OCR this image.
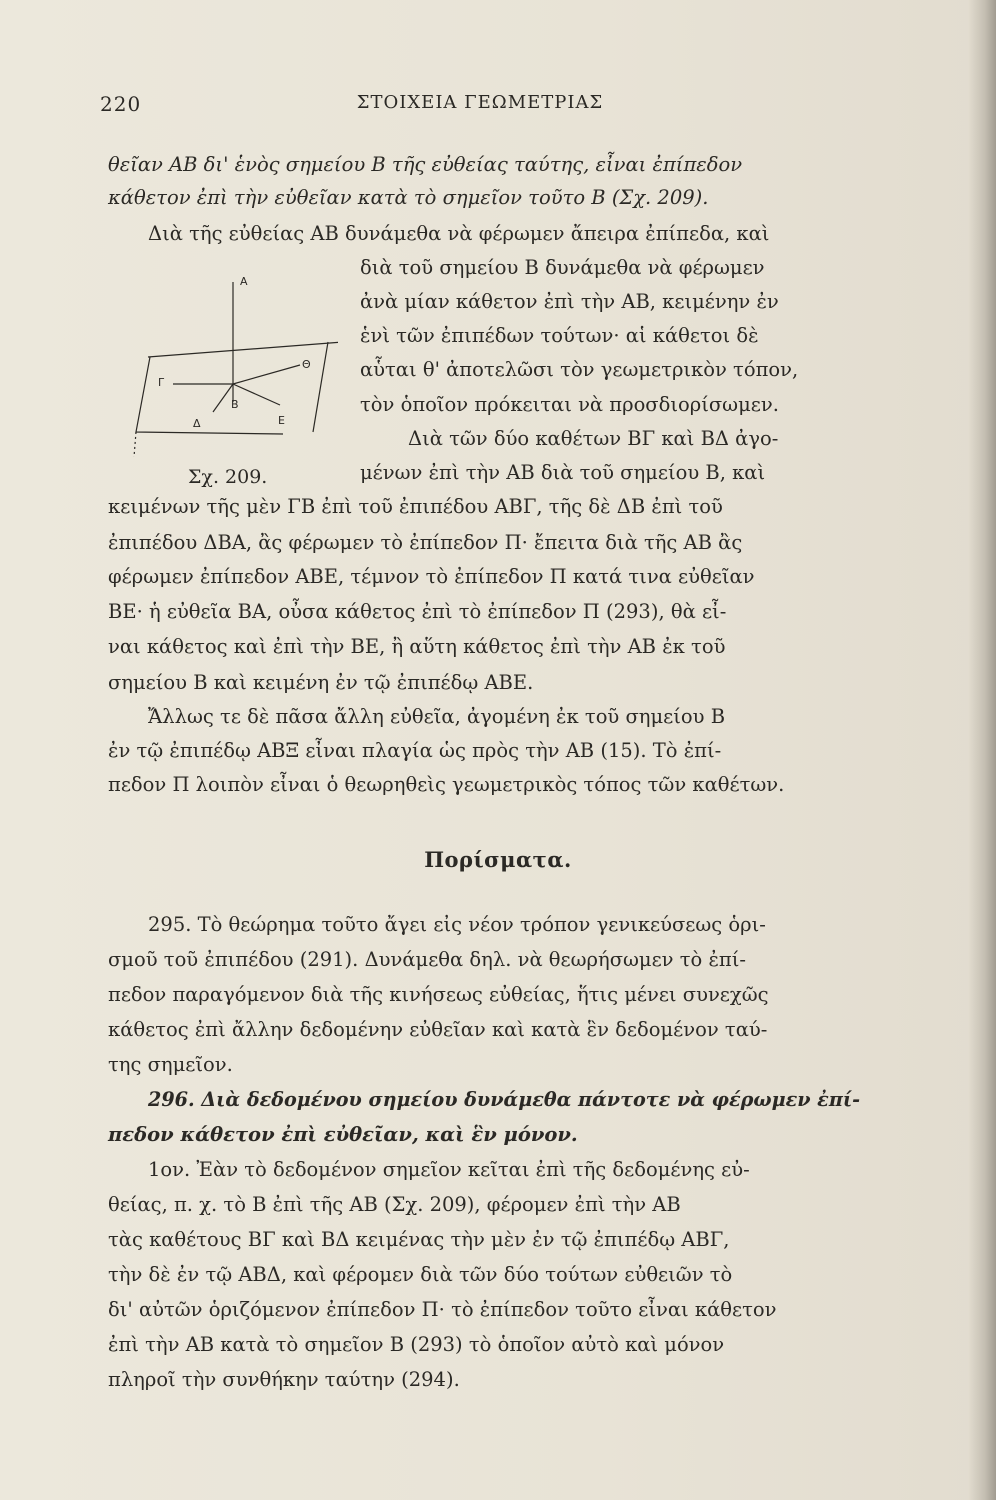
220	ΣΤΟΙΧΕΙΑ ΓΕΩΜΕΤΡΙΑΣ
θεῖαν ΑΒ δι' ἑνὸς σημείου Β τῆς εὐθείας ταύτης, εἶναι ἐπίπεδον
κάθετον ἐπὶ τὴν εὐθεῖαν κατὰ τὸ σημεῖον τοῦτο Β (Σχ. 209).
Διὰ τῆς εὐθείας ΑΒ δυνάμεθα νὰ φέρωμεν ἄπειρα ἐπίπεδα, καὶ
διὰ τοῦ σημείου Β δυνάμεθα νὰ φέρωμεν
ἀνὰ μίαν κάθετον ἐπὶ τὴν ΑΒ, κειμένην ἐν
ἑνὶ τῶν ἐπιπέδων τούτων· αἱ κάθετοι δὲ
αὗται θ' ἀποτελῶσι τὸν γεωμετρικὸν τόπον,
τὸν ὁποῖον πρόκειται νὰ προσδιορίσωμεν.
Διὰ τῶν δύο καθέτων ΒΓ καὶ ΒΔ ἀγο-
μένων ἐπὶ τὴν ΑΒ διὰ τοῦ σημείου Β, καὶ
Α
Γ
Θ
Δ
Β
Ε
Σχ. 209.
κειμένων τῆς μὲν ΓΒ ἐπὶ τοῦ ἐπιπέδου ΑΒΓ, τῆς δὲ ΔΒ ἐπὶ τοῦ
ἐπιπέδου ΔΒΑ, ἂς φέρωμεν τὸ ἐπίπεδον Π· ἔπειτα διὰ τῆς ΑΒ ἂς
φέρωμεν ἐπίπεδον ΑΒΕ, τέμνον τὸ ἐπίπεδον Π κατά τινα εὐθεῖαν
ΒΕ· ἡ εὐθεῖα ΒΑ, οὖσα κάθετος ἐπὶ τὸ ἐπίπεδον Π (293), θὰ εἶ-
ναι κάθετος καὶ ἐπὶ τὴν ΒΕ, ἢ αὕτη κάθετος ἐπὶ τὴν ΑΒ ἐκ τοῦ
σημείου Β καὶ κειμένη ἐν τῷ ἐπιπέδῳ ΑΒΕ.
Ἄλλως τε δὲ πᾶσα ἄλλη εὐθεῖα, ἀγομένη ἐκ τοῦ σημείου Β
ἐν τῷ ἐπιπέδῳ ΑΒΞ εἶναι πλαγία ὡς πρὸς τὴν ΑΒ (15). Τὸ ἐπί-
πεδον Π λοιπὸν εἶναι ὁ θεωρηθεὶς γεωμετρικὸς τόπος τῶν καθέτων.
Πορίσματα.
295. Τὸ θεώρημα τοῦτο ἄγει εἰς νέον τρόπον γενικεύσεως ὁρι-
σμοῦ τοῦ ἐπιπέδου (291). Δυνάμεθα δηλ. νὰ θεωρήσωμεν τὸ ἐπί-
πεδον παραγόμενον διὰ τῆς κινήσεως εὐθείας, ἥτις μένει συνεχῶς
κάθετος ἐπὶ ἄλλην δεδομένην εὐθεῖαν καὶ κατὰ ἓν δεδομένον ταύ-
της σημεῖον.
296. Διὰ δεδομένου σημείου δυνάμεθα πάντοτε νὰ φέρωμεν ἐπί-
πεδον κάθετον ἐπὶ εὐθεῖαν, καὶ ἓν μόνον.
1ον. Ἐὰν τὸ δεδομένον σημεῖον κεῖται ἐπὶ τῆς δεδομένης εὐ-
θείας, π. χ. τὸ Β ἐπὶ τῆς ΑΒ (Σχ. 209), φέρομεν ἐπὶ τὴν ΑΒ
τὰς καθέτους ΒΓ καὶ ΒΔ κειμένας τὴν μὲν ἐν τῷ ἐπιπέδῳ ΑΒΓ,
τὴν δὲ ἐν τῷ ΑΒΔ, καὶ φέρομεν διὰ τῶν δύο τούτων εὐθειῶν τὸ
δι' αὐτῶν ὁριζόμενον ἐπίπεδον Π· τὸ ἐπίπεδον τοῦτο εἶναι κάθετον
ἐπὶ τὴν ΑΒ κατὰ τὸ σημεῖον Β (293) τὸ ὁποῖον αὐτὸ καὶ μόνον
πληροῖ τὴν συνθήκην ταύτην (294).
